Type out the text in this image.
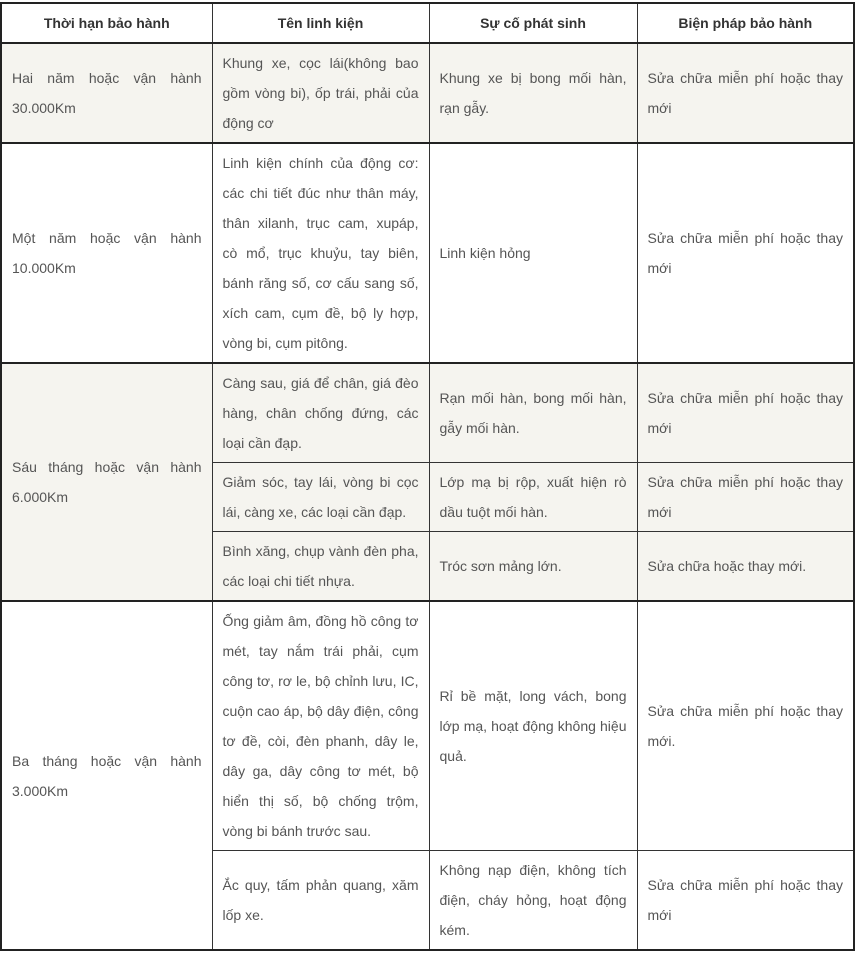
Thời hạn bảo hành	Tên linh kiện	Sự cố phát sinh	Biện pháp bảo hành
Hai năm hoặc vận hành 30.000Km	Khung xe, cọc lái(không bao gồm vòng bi), ốp trái, phải của động cơ	Khung xe bị bong mối hàn, rạn gẫy.	Sửa chữa miễn phí hoặc thay mới
Một năm hoặc vận hành 10.000Km	Linh kiện chính của động cơ: các chi tiết đúc như thân máy, thân xilanh, trục cam, xupáp, cò mổ, trục khuỷu, tay biên, bánh răng số, cơ cấu sang số, xích cam, cụm đề, bộ ly hợp, vòng bi, cụm pitông.	Linh kiện hỏng	Sửa chữa miễn phí hoặc thay mới
Sáu tháng hoặc vận hành 6.000Km	Càng sau, giá để chân, giá đèo hàng, chân chống đứng, các loại cần đạp.	Rạn mối hàn, bong mối hàn, gẫy mối hàn.	Sửa chữa miễn phí hoặc thay mới
	Giảm sóc, tay lái, vòng bi cọc lái, càng xe, các loại cần đạp.	Lớp mạ bị rộp, xuất hiện rò dầu tuột mối hàn.	Sửa chữa miễn phí hoặc thay mới
	Bình xăng, chụp vành đèn pha, các loại chi tiết nhựa.	Tróc sơn mảng lớn.	Sửa chữa hoặc thay mới.
Ba tháng hoặc vận hành 3.000Km	Ống giảm âm, đồng hồ công tơ mét, tay nắm trái phải, cụm công tơ, rơ le, bộ chỉnh lưu, IC, cuộn cao áp, bộ dây điện, công tơ đề, còi, đèn phanh, dây le, dây ga, dây công tơ mét, bộ hiển thị số, bộ chống trộm, vòng bi bánh trước sau.	Rỉ bề mặt, long vách, bong lớp mạ, hoạt động không hiệu quả.	Sửa chữa miễn phí hoặc thay mới.
	Ắc quy, tấm phản quang, xăm lốp xe.	Không nạp điện, không tích điện, cháy hỏng, hoạt động kém.	Sửa chữa miễn phí hoặc thay mới
